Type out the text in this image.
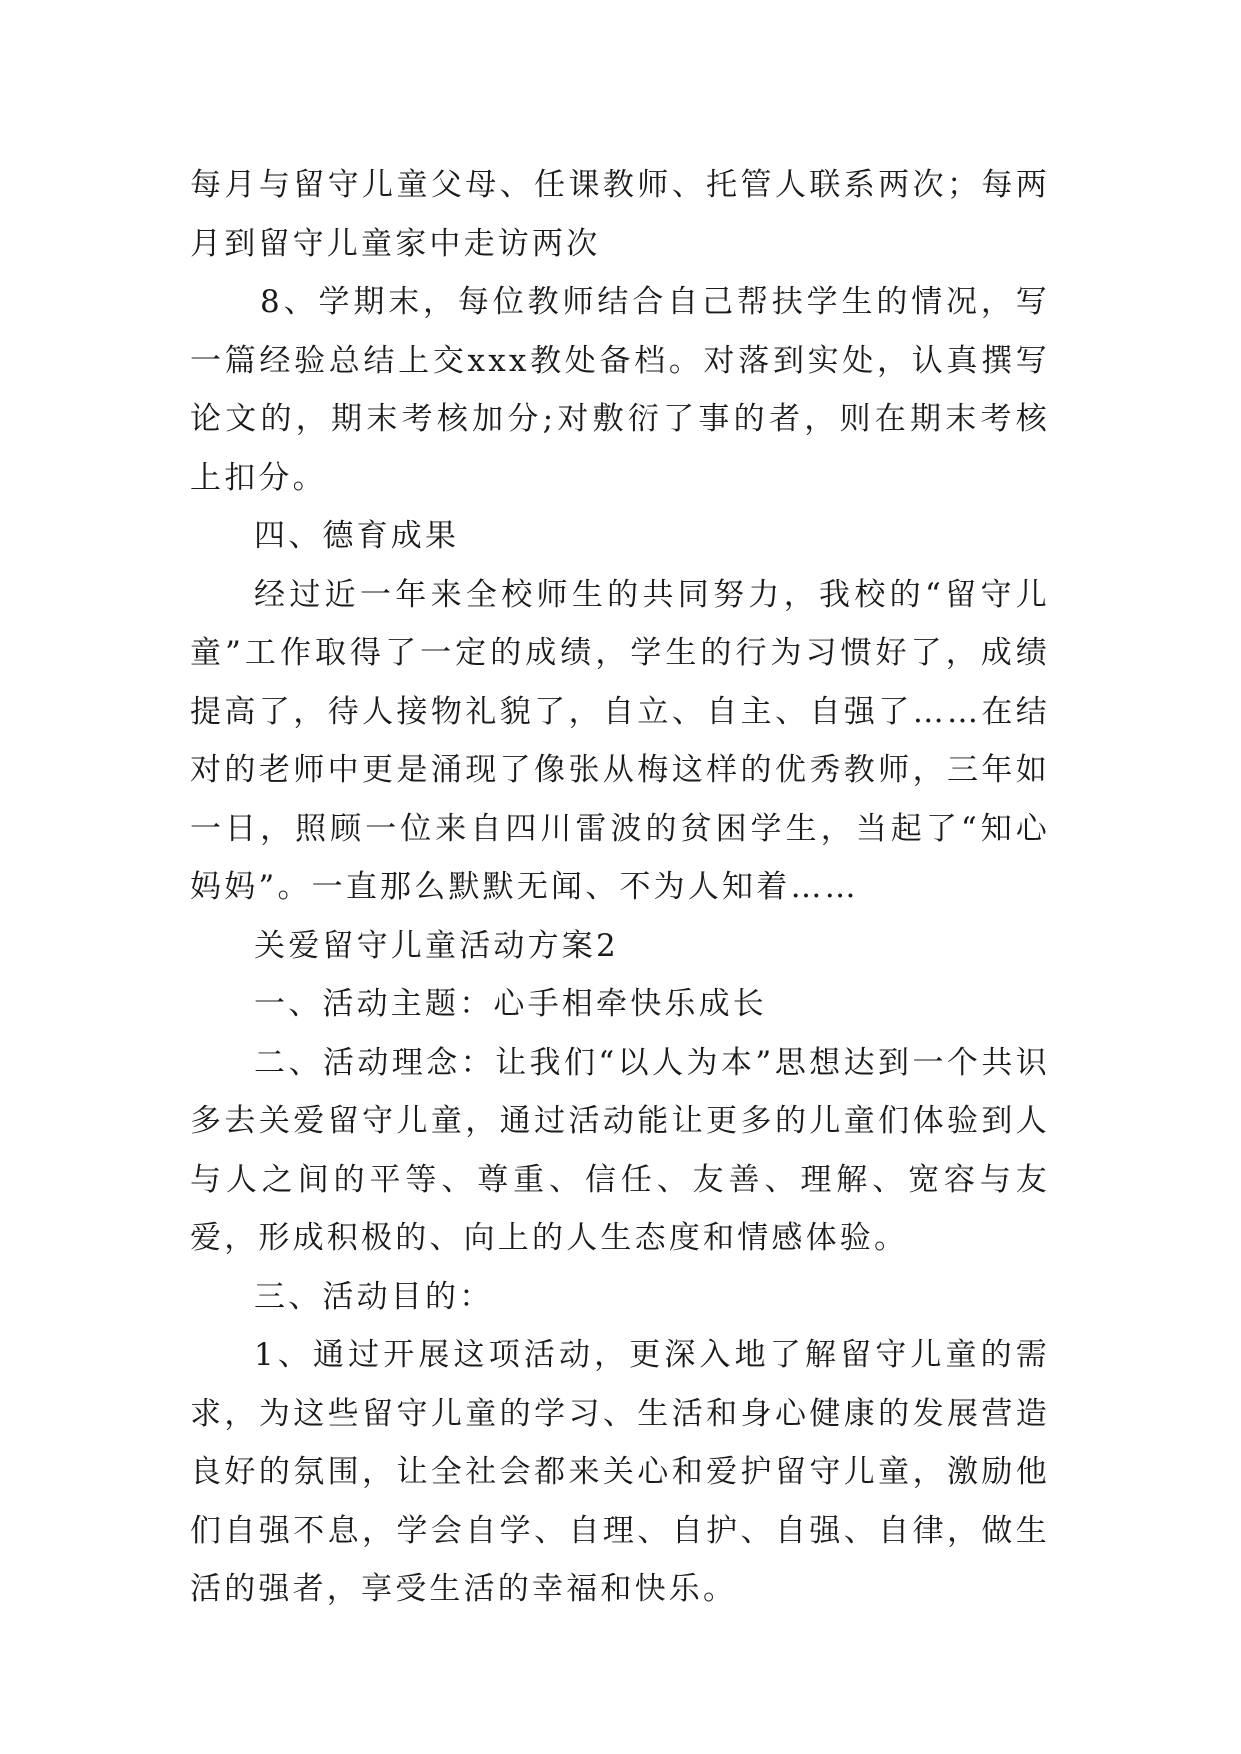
每月与留守儿童父母、任课教师、托管人联系两次；每两月到留守儿童家中走访两次

8、学期末，每位教师结合自己帮扶学生的情况，写一篇经验总结上交xxx教处备档。对落到实处，认真撰写论文的，期末考核加分;对敷衍了事的者，则在期末考核上扣分。

四、德育成果

经过近一年来全校师生的共同努力，我校的“留守儿童”工作取得了一定的成绩，学生的行为习惯好了，成绩提高了，待人接物礼貌了，自立、自主、自强了……在结对的老师中更是涌现了像张从梅这样的优秀教师，三年如一日，照顾一位来自四川雷波的贫困学生，当起了“知心妈妈”。一直那么默默无闻、不为人知着……

关爱留守儿童活动方案2

一、活动主题：心手相牵快乐成长

二、活动理念：让我们“以人为本”思想达到一个共识多去关爱留守儿童，通过活动能让更多的儿童们体验到人与人之间的平等、尊重、信任、友善、理解、宽容与友爱，形成积极的、向上的人生态度和情感体验。

三、活动目的：

1、通过开展这项活动，更深入地了解留守儿童的需求，为这些留守儿童的学习、生活和身心健康的发展营造良好的氛围，让全社会都来关心和爱护留守儿童，激励他们自强不息，学会自学、自理、自护、自强、自律，做生活的强者，享受生活的幸福和快乐。
